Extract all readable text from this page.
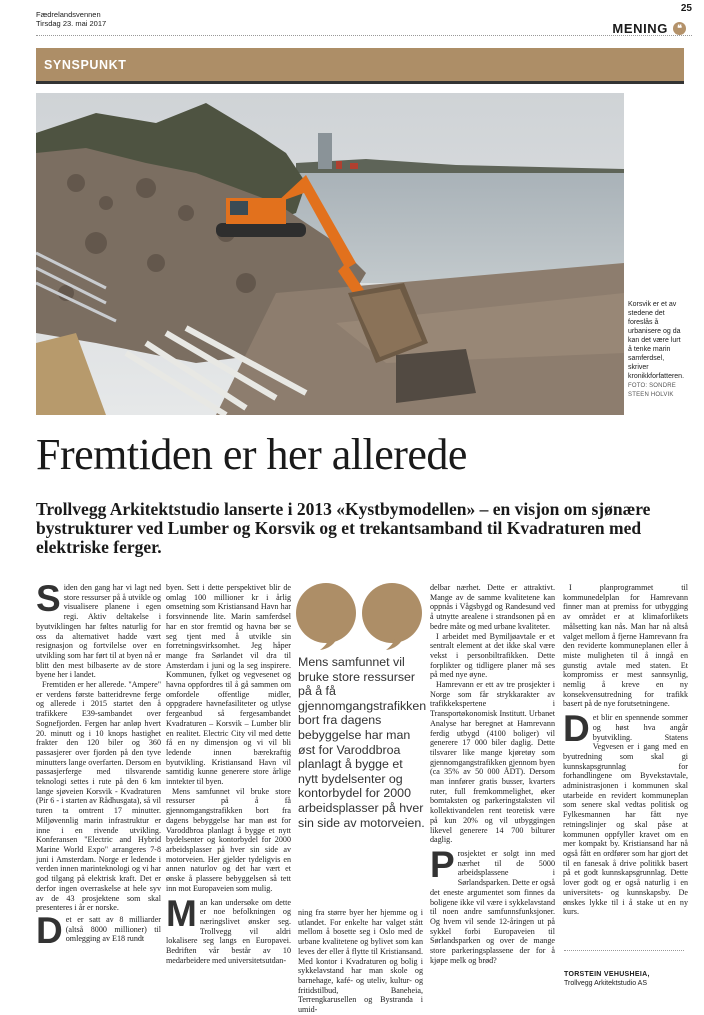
25
Fædrelandsvennen
Tirsdag 23. mai 2017	MENING	❝
SYNSPUNKT
Korsvik er et av stedene det foreslås å urbanisere og da kan det være lurt å tenke marin samferdsel, skriver kronikkforfatteren.
FOTO: SONDRE STEEN HOLVIK
Fremtiden er her allerede
Trollvegg Arkitektstudio lanserte i 2013 «Kystbymodellen» – en visjon om sjønære bystrukturer ved Lumber og Korsvik og et trekantsamband til Kvadraturen med elektriske ferger.

Siden den gang har vi lagt ned store ressurser på å utvikle og visualisere planene i egen regi. Aktiv deltakelse i byutviklingen har føltes naturlig for oss da alternativet hadde vært resignasjon og fortvilelse over en utvikling som har ført til at byen nå er blitt den mest bilbaserte av de store byene her i landet.

Fremtiden er her allerede. "Ampere" er verdens første batteridrevne ferge og allerede i 2015 startet den å trafikkere E39-sambandet over Sognefjorden. Fergen har anløp hvert 20. minutt og i 10 knops hastighet frakter den 120 biler og 360 passasjerer over fjorden på den tyve minutters lange overfarten. Dersom en passasjerferge med tilsvarende teknologi settes i rute på den 6 km lange sjøveien Korsvik - Kvadraturen (Pir 6 - i starten av Rådhusgata), så vil turen ta omtrent 17 minutter. Miljøvennlig marin infrastruktur er inne i en rivende utvikling. Konferansen "Electric and Hybrid Marine World Expo" arrangeres 7-8 juni i Amsterdam. Norge er ledende i verden innen marinteknologi og vi har god tilgang på elektrisk kraft. Det er derfor ingen overraskelse at hele syv av de 43 prosjektene som skal presenteres i år er norske.

Det er satt av 8 milliarder (altså 8000 millioner) til omlegging av E18 rundt

byen. Sett i dette perspektivet blir de omlag 100 millioner kr i årlig omsetning som Kristiansand Havn har forsvinnende lite. Marin samferdsel har en stor fremtid og havna bør se seg tjent med å utvikle sin forretningsvirksomhet. Jeg håper mange fra Sørlandet vil dra til Amsterdam i juni og la seg inspirere. Kommunen, fylket og vegvesenet og havna oppfordres til å gå sammen om omfordele offentlige midler, oppgradere havnefasiliteter og utlyse fergeanbud så fergesambandet Kvadraturen – Korsvik – Lumber blir en realitet. Electric City vil med dette få en ny dimensjon og vi vil bli ledende innen bærekraftig byutvikling. Kristiansand Havn vil samtidig kunne generere store årlige inntekter til byen.

Mens samfunnet vil bruke store ressurser på å få gjennomgangstrafikken bort fra dagens bebyggelse har man øst for Varoddbroa planlagt å bygge et nytt bydelsenter og kontorbydel for 2000 arbeidsplasser på hver sin side av motorveien. Her gjelder tydeligvis en annen naturlov og det har vært et ønske å plassere bebyggelsen så tett inn mot Europaveien som mulig.

Man kan undersøke om dette er noe befolkningen og næringslivet ønsker seg. Trollvegg vil aldri lokalisere seg langs en Europavei. Bedriften vår består av 10 medarbeidere med universitetsutdan-

Mens samfunnet vil bruke store ressurser på å få gjennomgangstrafikken bort fra dagens bebyggelse har man øst for Varoddbroa planlagt å bygge et nytt bydelsenter og kontorbydel for 2000 arbeidsplasser på hver sin side av motorveien.

ning fra større byer her hjemme og i utlandet. For enkelte har valget stått mellom å bosette seg i Oslo med de urbane kvalitetene og bylivet som kan leves der eller å flytte til Kristiansand. Med kontor i Kvadraturen og bolig i sykkelavstand har man skole og barnehage, kafé- og uteliv, kultur- og fritidstilbud, Baneheia, Terrengkarusellen og Bystranda i umid-

delbar nærhet. Dette er attraktivt. Mange av de samme kvalitetene kan oppnås i Vågsbygd og Randesund ved å utnytte arealene i strandsonen på en bedre måte og med urbane kvaliteter.

I arbeidet med Bymiljøavtale er et sentralt element at det ikke skal være vekst i personbiltrafikken. Dette forplikter og tidligere planer må ses på med nye øyne.

Hamrevann er ett av tre prosjekter i Norge som får strykkarakter av trafikkekspertene i Transportøkonomisk Institutt. Urbanet Analyse har beregnet at Hamrevann ferdig utbygd (4100 boliger) vil generere 17 000 biler daglig. Dette tilsvarer like mange kjøretøy som gjennomgangstrafikken gjennom byen (ca 35% av 50 000 ÅDT). Dersom man innfører gratis busser, kvarters ruter, full fremkommelighet, øker bomtaksten og parkeringstaksten vil kollektivandelen rent teoretisk være på kun 20% og vil utbyggingen likevel generere 14 700 bilturer daglig.

Prosjektet er solgt inn med nærhet til de 5000 arbeidsplassene i Sørlandsparken. Dette er også det eneste argumentet som finnes da boligene ikke vil være i sykkelavstand til noen andre samfunnsfunksjoner. Og hvem vil sende 12-åringen ut på sykkel forbi Europaveien til Sørlandsparken og over de mange store parkeringsplassene der for å kjøpe melk og brød?

I planprogrammet til kommunedelplan for Hamrevann finner man at premiss for utbygging av området er at klimaforlikets målsetting kan nås. Man har nå altså valget mellom å fjerne Hamrevann fra den reviderte kommuneplanen eller å miste muligheten til å inngå en gunstig avtale med staten. Et kompromiss er mest sannsynlig, nemlig å kreve en ny konsekvensutredning for trafikk basert på de nye forutsetningene.

Det blir en spennende sommer og høst hva angår byutvikling. Statens Vegvesen er i gang med en byutredning som skal gi kunnskapsgrunnlag for forhandlingene om Byvekstavtale, administrasjonen i kommunen skal utarbeide en revidert kommuneplan som senere skal vedtas politisk og Fylkesmannen har fått nye retningslinjer og skal påse at kommunen oppfyller kravet om en mer kompakt by. Kristiansand har nå også fått en ordfører som har gjort det til en fanesak å drive politikk basert på et godt kunnskapsgrunnlag. Dette lover godt og er også naturlig i en universitets- og kunnskapsby. De ønskes lykke til i å stake ut en ny kurs.

TORSTEIN VEHUSHEIA,
Trollvegg Arkitektstudio AS
